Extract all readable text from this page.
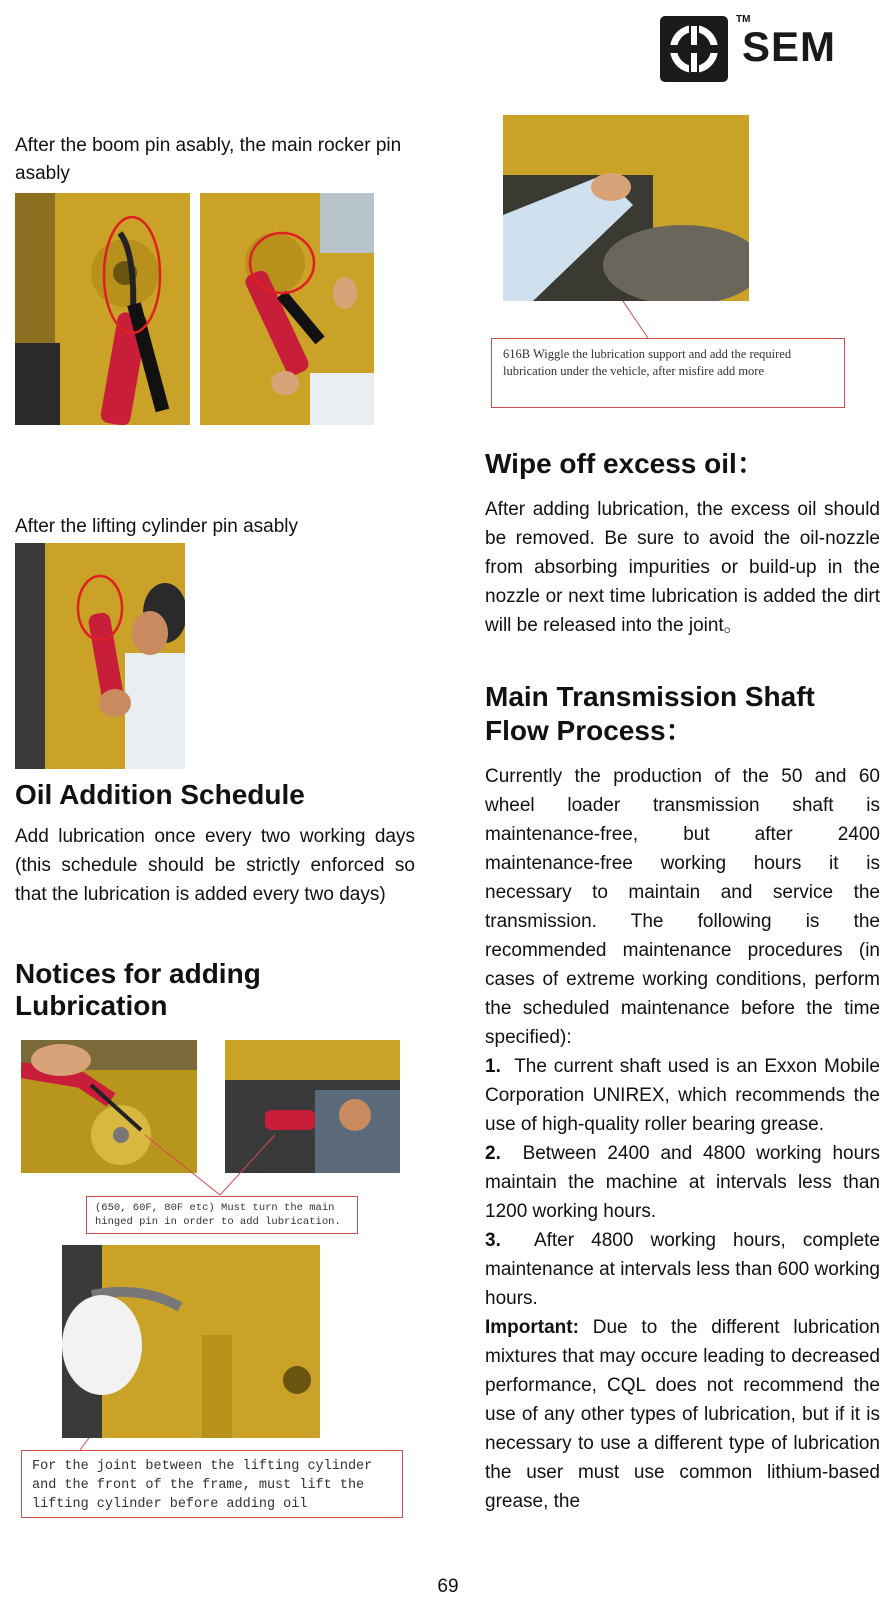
TM
SEM
After the boom pin asably, the main rocker pin asably
After the lifting cylinder pin asably
Oil Addition Schedule

Add lubrication once every two working days (this schedule should be strictly enforced so that the lubrication is added every two days)

Notices for adding Lubrication
(650, 60F, 80F etc) Must turn the main hinged pin in order to add lubrication.
For the joint between the lifting cylinder and the front of the frame, must lift the lifting cylinder before adding oil
616B Wiggle the lubrication support and add the required lubrication under the vehicle, after misfire add more
Wipe off excess oil：

After adding lubrication, the excess oil should be removed. Be sure to avoid the oil-nozzle from absorbing impurities or build-up in the nozzle or next time lubrication is added the dirt will be released into the joint。

Main Transmission Shaft Flow Process：

Currently the production of the 50 and 60 wheel loader transmission shaft is maintenance-free, but after 2400 maintenance-free working hours it is necessary to maintain and service the transmission. The following is the recommended maintenance procedures (in cases of extreme working conditions, perform the scheduled maintenance before the time specified):

1. The current shaft used is an Exxon Mobile Corporation UNIREX, which recommends the use of high-quality roller bearing grease.

2. Between 2400 and 4800 working hours maintain the machine at intervals less than 1200 working hours.

3. After 4800 working hours, complete maintenance at intervals less than 600 working hours.

Important: Due to the different lubrication mixtures that may occure leading to decreased performance, CQL does not recommend the use of any other types of lubrication, but if it is necessary to use a different type of lubrication the user must use common lithium-based grease, the

69
